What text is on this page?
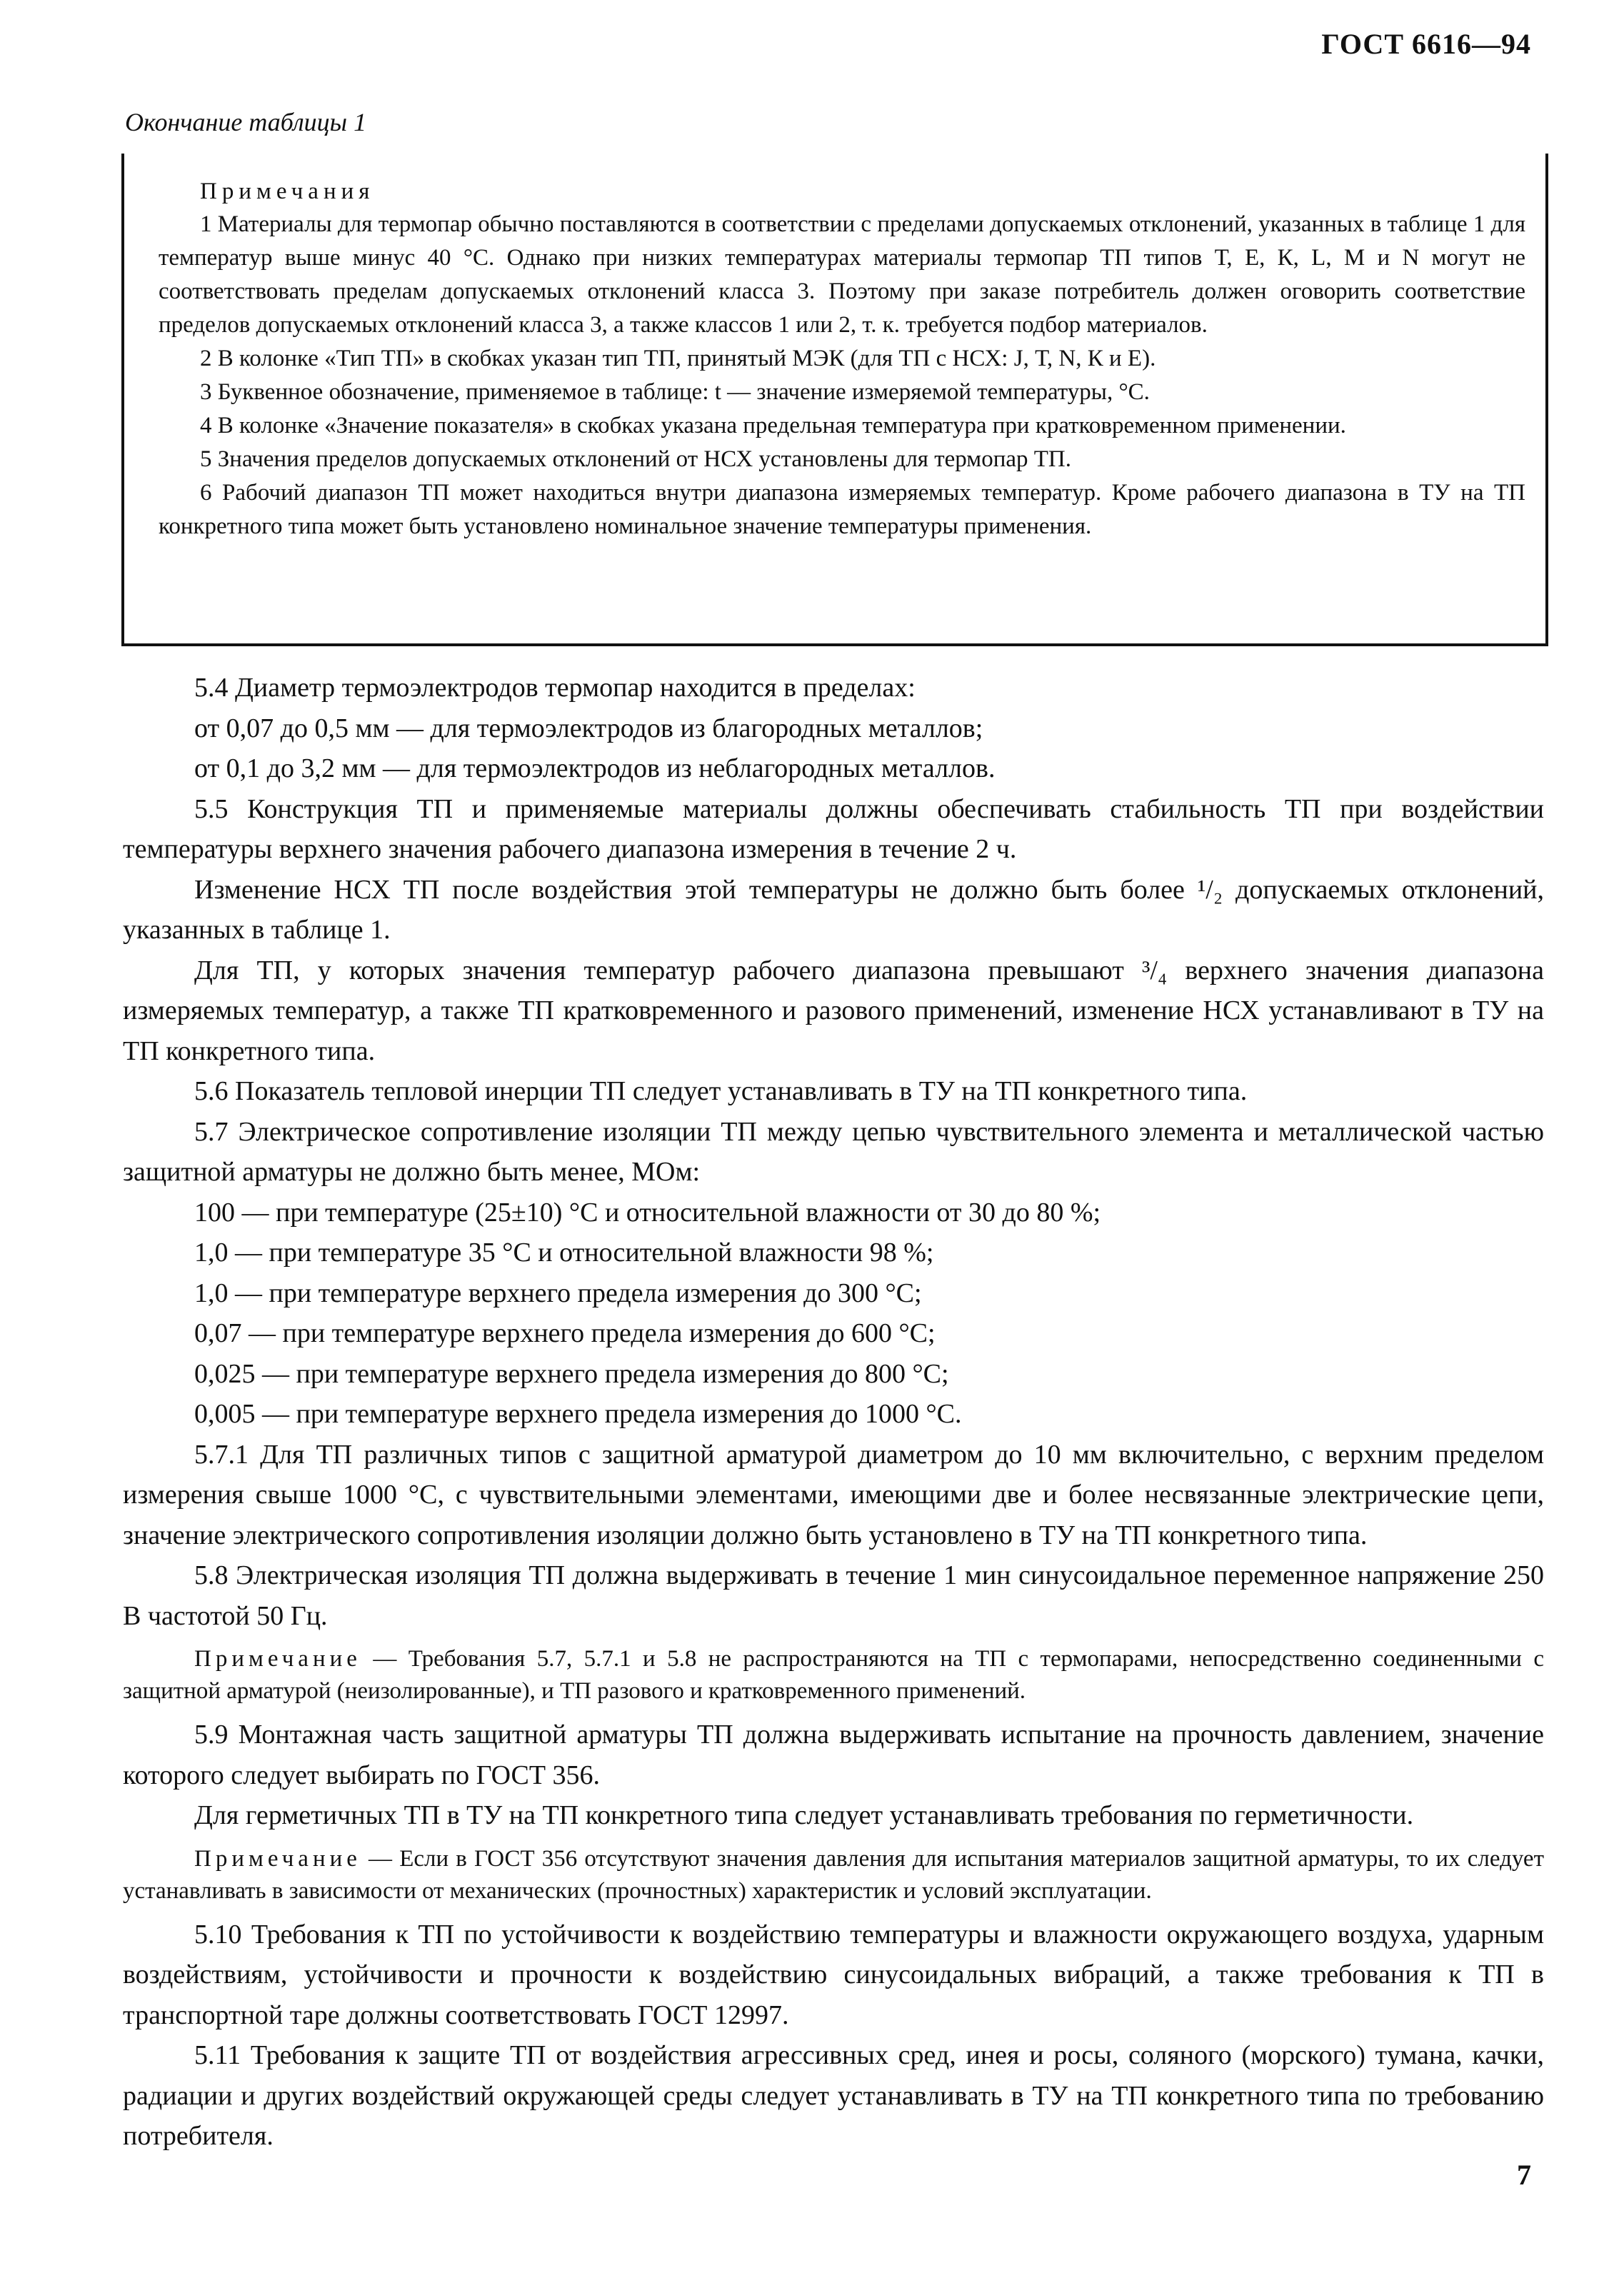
ГОСТ 6616—94
Окончание таблицы 1
Примечания
1 Материалы для термопар обычно поставляются в соответствии с пределами допускаемых отклонений, указанных в таблице 1 для температур выше минус 40 °С. Однако при низких температурах материалы термопар ТП типов Т, Е, К, L, М и N могут не соответствовать пределам допускаемых отклонений класса 3. Поэтому при заказе потребитель должен оговорить соответствие пределов допускаемых отклонений класса 3, а также классов 1 или 2, т. к. требуется подбор материалов.
2 В колонке «Тип ТП» в скобках указан тип ТП, принятый МЭК (для ТП с НСХ: J, Т, N, К и Е).
3 Буквенное обозначение, применяемое в таблице: t — значение измеряемой температуры, °С.
4 В колонке «Значение показателя» в скобках указана предельная температура при кратковременном применении.
5 Значения пределов допускаемых отклонений от НСХ установлены для термопар ТП.
6 Рабочий диапазон ТП может находиться внутри диапазона измеряемых температур. Кроме рабочего диапазона в ТУ на ТП конкретного типа может быть установлено номинальное значение температуры применения.

5.4 Диаметр термоэлектродов термопар находится в пределах:

от 0,07 до 0,5 мм — для термоэлектродов из благородных металлов;

от 0,1 до 3,2 мм — для термоэлектродов из неблагородных металлов.

5.5 Конструкция ТП и применяемые материалы должны обеспечивать стабильность ТП при воздействии температуры верхнего значения рабочего диапазона измерения в течение 2 ч.

Изменение НСХ ТП после воздействия этой температуры не должно быть более ¹/₂ допускаемых отклонений, указанных в таблице 1.

Для ТП, у которых значения температур рабочего диапазона превышают ³/₄ верхнего значения диапазона измеряемых температур, а также ТП кратковременного и разового применений, изменение НСХ устанавливают в ТУ на ТП конкретного типа.

5.6 Показатель тепловой инерции ТП следует устанавливать в ТУ на ТП конкретного типа.

5.7 Электрическое сопротивление изоляции ТП между цепью чувствительного элемента и металлической частью защитной арматуры не должно быть менее, МОм:

100 — при температуре (25±10) °С и относительной влажности от 30 до 80 %;

1,0 — при температуре 35 °С и относительной влажности 98 %;

1,0 — при температуре верхнего предела измерения до 300 °С;

0,07 — при температуре верхнего предела измерения до 600 °С;

0,025 — при температуре верхнего предела измерения до 800 °С;

0,005 — при температуре верхнего предела измерения до 1000 °С.

5.7.1 Для ТП различных типов с защитной арматурой диаметром до 10 мм включительно, с верхним пределом измерения свыше 1000 °С, с чувствительными элементами, имеющими две и более несвязанные электрические цепи, значение электрического сопротивления изоляции должно быть установлено в ТУ на ТП конкретного типа.

5.8 Электрическая изоляция ТП должна выдерживать в течение 1 мин синусоидальное переменное напряжение 250 В частотой 50 Гц.

Примечание — Требования 5.7, 5.7.1 и 5.8 не распространяются на ТП с термопарами, непосредственно соединенными с защитной арматурой (неизолированные), и ТП разового и кратковременного применений.

5.9 Монтажная часть защитной арматуры ТП должна выдерживать испытание на прочность давлением, значение которого следует выбирать по ГОСТ 356.

Для герметичных ТП в ТУ на ТП конкретного типа следует устанавливать требования по герметичности.

Примечание — Если в ГОСТ 356 отсутствуют значения давления для испытания материалов защитной арматуры, то их следует устанавливать в зависимости от механических (прочностных) характеристик и условий эксплуатации.

5.10 Требования к ТП по устойчивости к воздействию температуры и влажности окружающего воздуха, ударным воздействиям, устойчивости и прочности к воздействию синусоидальных вибраций, а также требования к ТП в транспортной таре должны соответствовать ГОСТ 12997.

5.11 Требования к защите ТП от воздействия агрессивных сред, инея и росы, соляного (морского) тумана, качки, радиации и других воздействий окружающей среды следует устанавливать в ТУ на ТП конкретного типа по требованию потребителя.

7
